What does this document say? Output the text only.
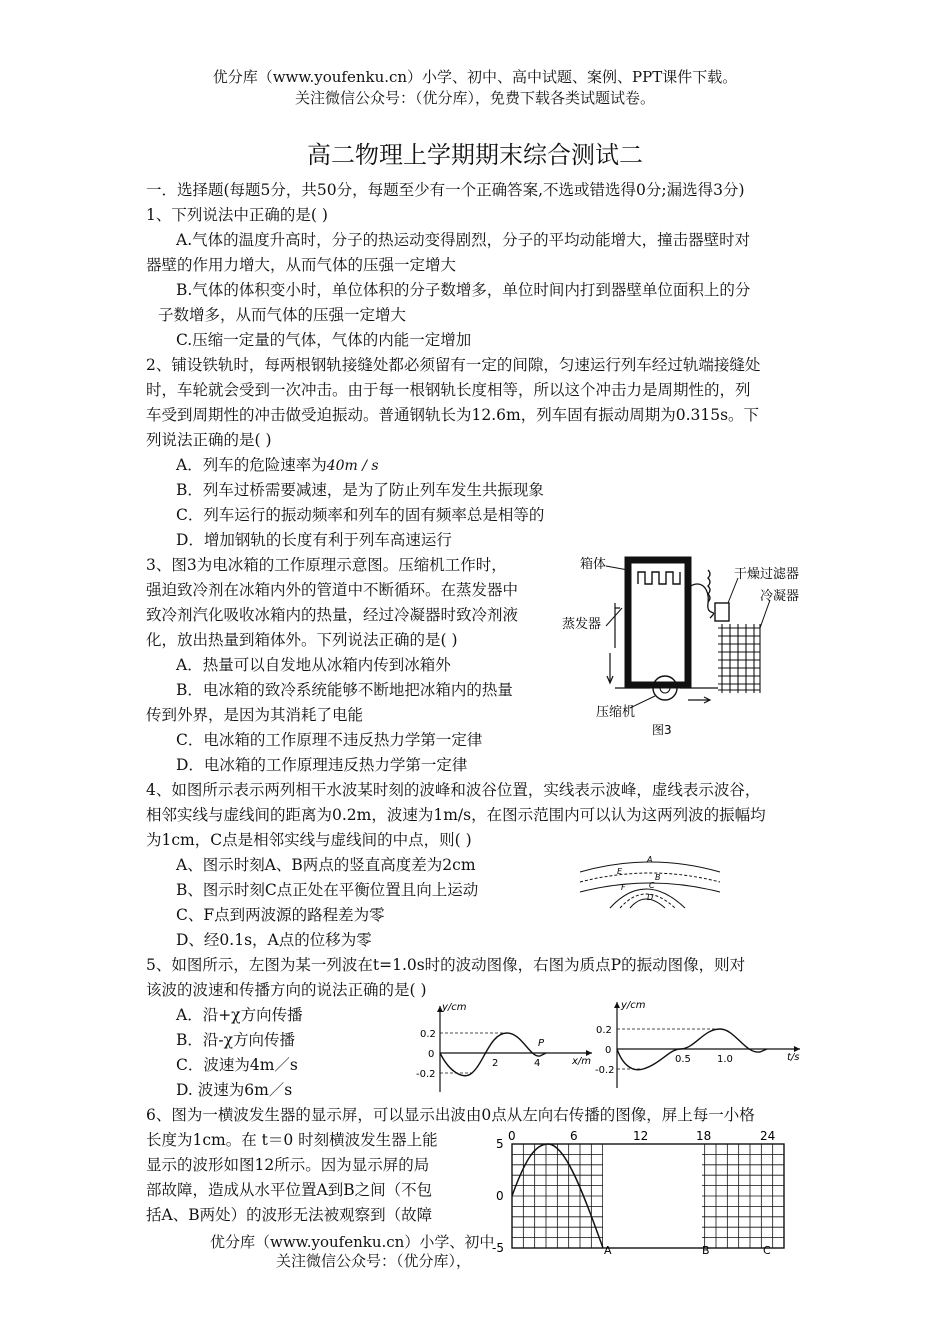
优分库（www.youfenku.cn）小学、初中、高中试题、案例、PPT课件下载。
关注微信公众号：（优分库），免费下载各类试题试卷。
高二物理上学期期末综合测试二
一．选择题(每题5分，共50分，每题至少有一个正确答案,不选或错选得0分;漏选得3分)
1、下列说法中正确的是( )
A.气体的温度升高时，分子的热运动变得剧烈，分子的平均动能增大，撞击器壁时对
器壁的作用力增大，从而气体的压强一定增大
B.气体的体积变小时，单位体积的分子数增多，单位时间内打到器壁单位面积上的分
子数增多，从而气体的压强一定增大
C.压缩一定量的气体，气体的内能一定增加
2、铺设铁轨时，每两根钢轨接缝处都必须留有一定的间隙，匀速运行列车经过轨端接缝处
时，车轮就会受到一次冲击。由于每一根钢轨长度相等，所以这个冲击力是周期性的，列
车受到周期性的冲击做受迫振动。普通钢轨长为12.6m，列车固有振动周期为0.315s。下
列说法正确的是( )
A．列车的危险速率为40m / s
B．列车过桥需要减速，是为了防止列车发生共振现象
C．列车运行的振动频率和列车的固有频率总是相等的
D．增加钢轨的长度有利于列车高速运行
3、图3为电冰箱的工作原理示意图。压缩机工作时，
强迫致冷剂在冰箱内外的管道中不断循环。在蒸发器中
致冷剂汽化吸收冰箱内的热量，经过冷凝器时致冷剂液
化，放出热量到箱体外。下列说法正确的是( )
A．热量可以自发地从冰箱内传到冰箱外
B．电冰箱的致冷系统能够不断地把冰箱内的热量
传到外界，是因为其消耗了电能
C．电冰箱的工作原理不违反热力学第一定律
D．电冰箱的工作原理违反热力学第一定律
箱体
干燥过滤器
冷凝器
蒸发器
压缩机
图3
4、如图所示表示两列相干水波某时刻的波峰和波谷位置，实线表示波峰，虚线表示波谷，
相邻实线与虚线间的距离为0.2m，波速为1m/s，在图示范围内可以认为这两列波的振幅均
为1cm，C点是相邻实线与虚线间的中点，则( )
A、图示时刻A、B两点的竖直高度差为2cm
B、图示时刻C点正处在平衡位置且向上运动
C、F点到两波源的路程差为零
D、经0.1s，A点的位移为零
A
E
B
C
F
D
5、如图所示，左图为某一列波在t=1.0s时的波动图像，右图为质点P的振动图像，则对
该波的波速和传播方向的说法正确的是( )
A．沿+χ方向传播
B．沿-χ方向传播
C．波速为4m／s
D. 波速为6m／s
y/cm
x/m
0.2
0
-0.2
2	4
P
y/cm
t/s
0.2
0
-0.2
0.5	1.0
6、图为一横波发生器的显示屏，可以显示出波由0点从左向右传播的图像，屏上每一小格
长度为1cm。在 t＝0 时刻横波发生器上能
显示的波形如图12所示。因为显示屏的局
部故障，造成从水平位置A到B之间（不包
括A、B两处）的波形无法被观察到（故障
0	6	12	18	24
5
0
-5	A	B	C
优分库（www.youfenku.cn）小学、初中
关注微信公众号：（优分库），
